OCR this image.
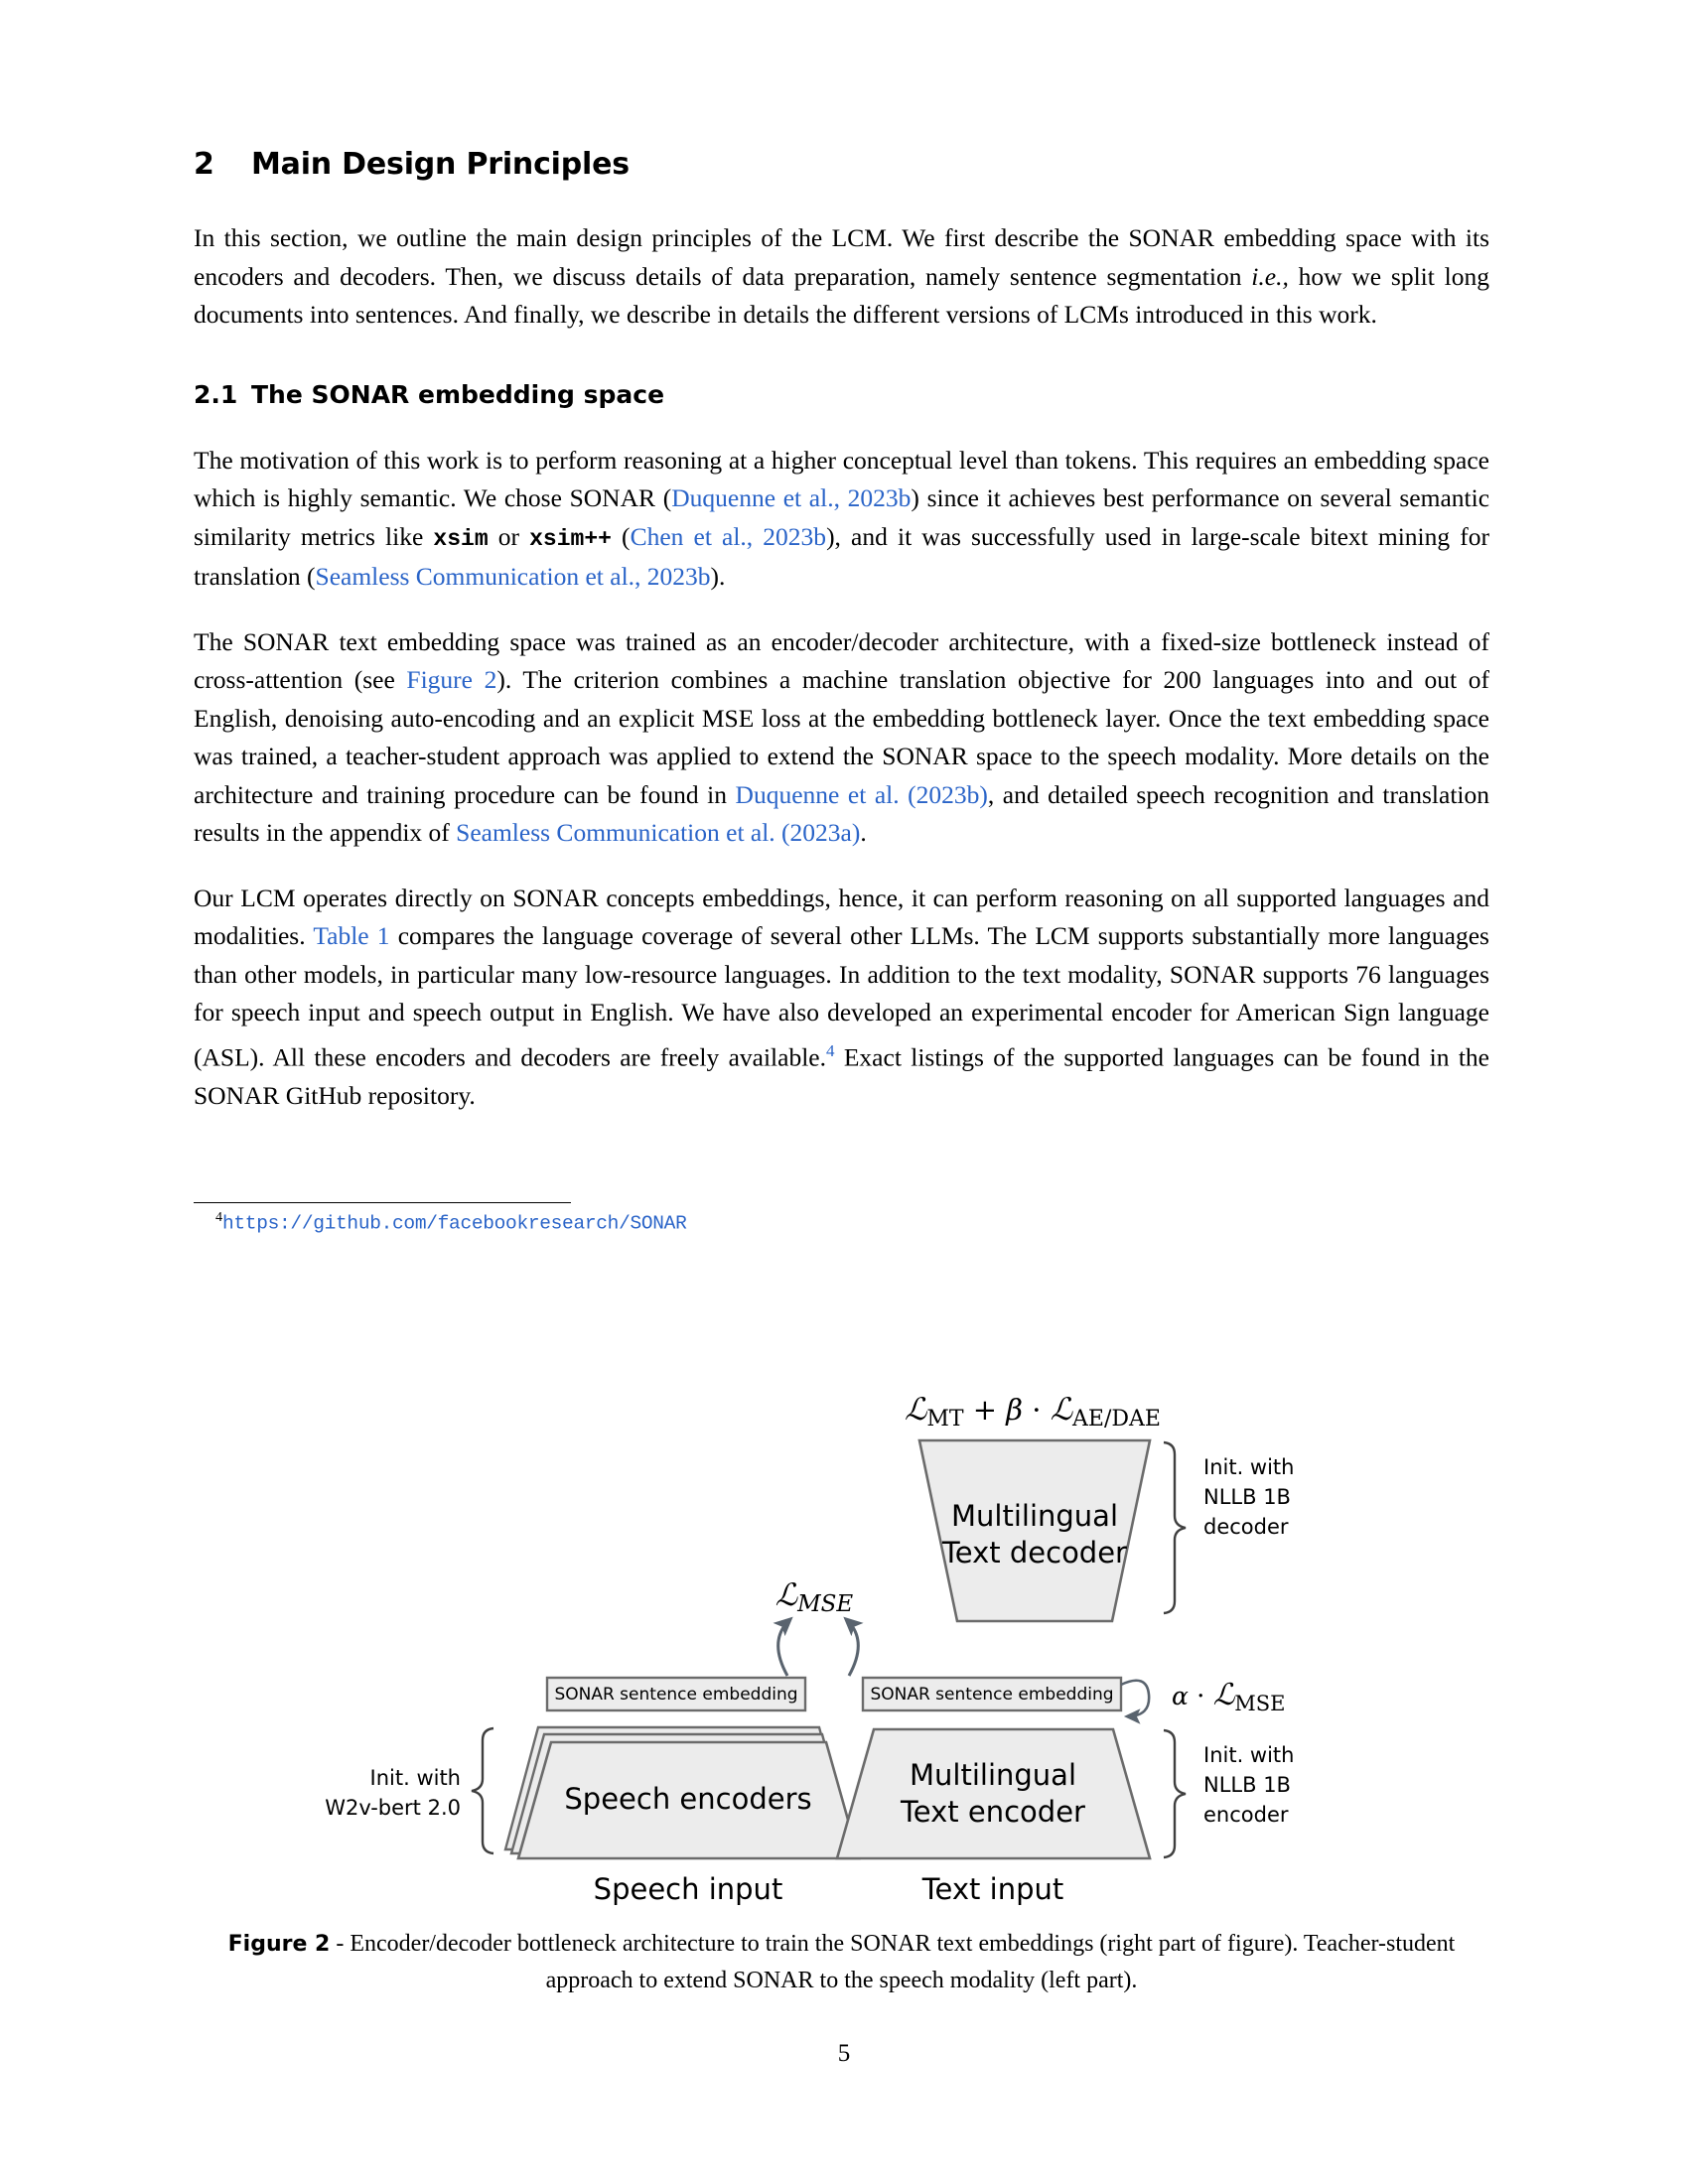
2	Main Design Principles

In this section, we outline the main design principles of the LCM. We first describe the SONAR embedding space with its encoders and decoders. Then, we discuss details of data preparation, namely sentence segmentation i.e., how we split long documents into sentences. And finally, we describe in details the different versions of LCMs introduced in this work.

2.1 The SONAR embedding space

The motivation of this work is to perform reasoning at a higher conceptual level than tokens. This requires an embedding space which is highly semantic. We chose SONAR (Duquenne et al., 2023b) since it achieves best performance on several semantic similarity metrics like xsim or xsim++ (Chen et al., 2023b), and it was successfully used in large-scale bitext mining for translation (Seamless Communication et al., 2023b).

The SONAR text embedding space was trained as an encoder/decoder architecture, with a fixed-size bottleneck instead of cross-attention (see Figure 2). The criterion combines a machine translation objective for 200 languages into and out of English, denoising auto-encoding and an explicit MSE loss at the embedding bottleneck layer. Once the text embedding space was trained, a teacher-student approach was applied to extend the SONAR space to the speech modality. More details on the architecture and training procedure can be found in Duquenne et al. (2023b), and detailed speech recognition and translation results in the appendix of Seamless Communication et al. (2023a).

Our LCM operates directly on SONAR concepts embeddings, hence, it can perform reasoning on all supported languages and modalities. Table 1 compares the language coverage of several other LLMs. The LCM supports substantially more languages than other models, in particular many low-resource languages. In addition to the text modality, SONAR supports 76 languages for speech input and speech output in English. We have also developed an experimental encoder for American Sign language (ASL). All these encoders and decoders are freely available.$^4$ Exact listings of the supported languages can be found in the SONAR GitHub repository.

$^4$https://github.com/facebookresearch/SONAR
ℒ$_{MT}$ + β · ℒ$_{AE/DAE}$
Multilingual
Text decoder
Init. with
NLLB 1B
decoder
ℒ$_{MSE}$
SONAR sentence embedding	SONAR sentence embedding α · ℒ$_{MSE}$
Speech encoders
Init. with
W2v-bert 2.0
Speech input
Multilingual
Text encoder
Init. with
NLLB 1B
encoder
Text input
Figure 2 - Encoder/decoder bottleneck architecture to train the SONAR text embeddings (right part of figure). Teacher-student approach to extend SONAR to the speech modality (left part).
5
